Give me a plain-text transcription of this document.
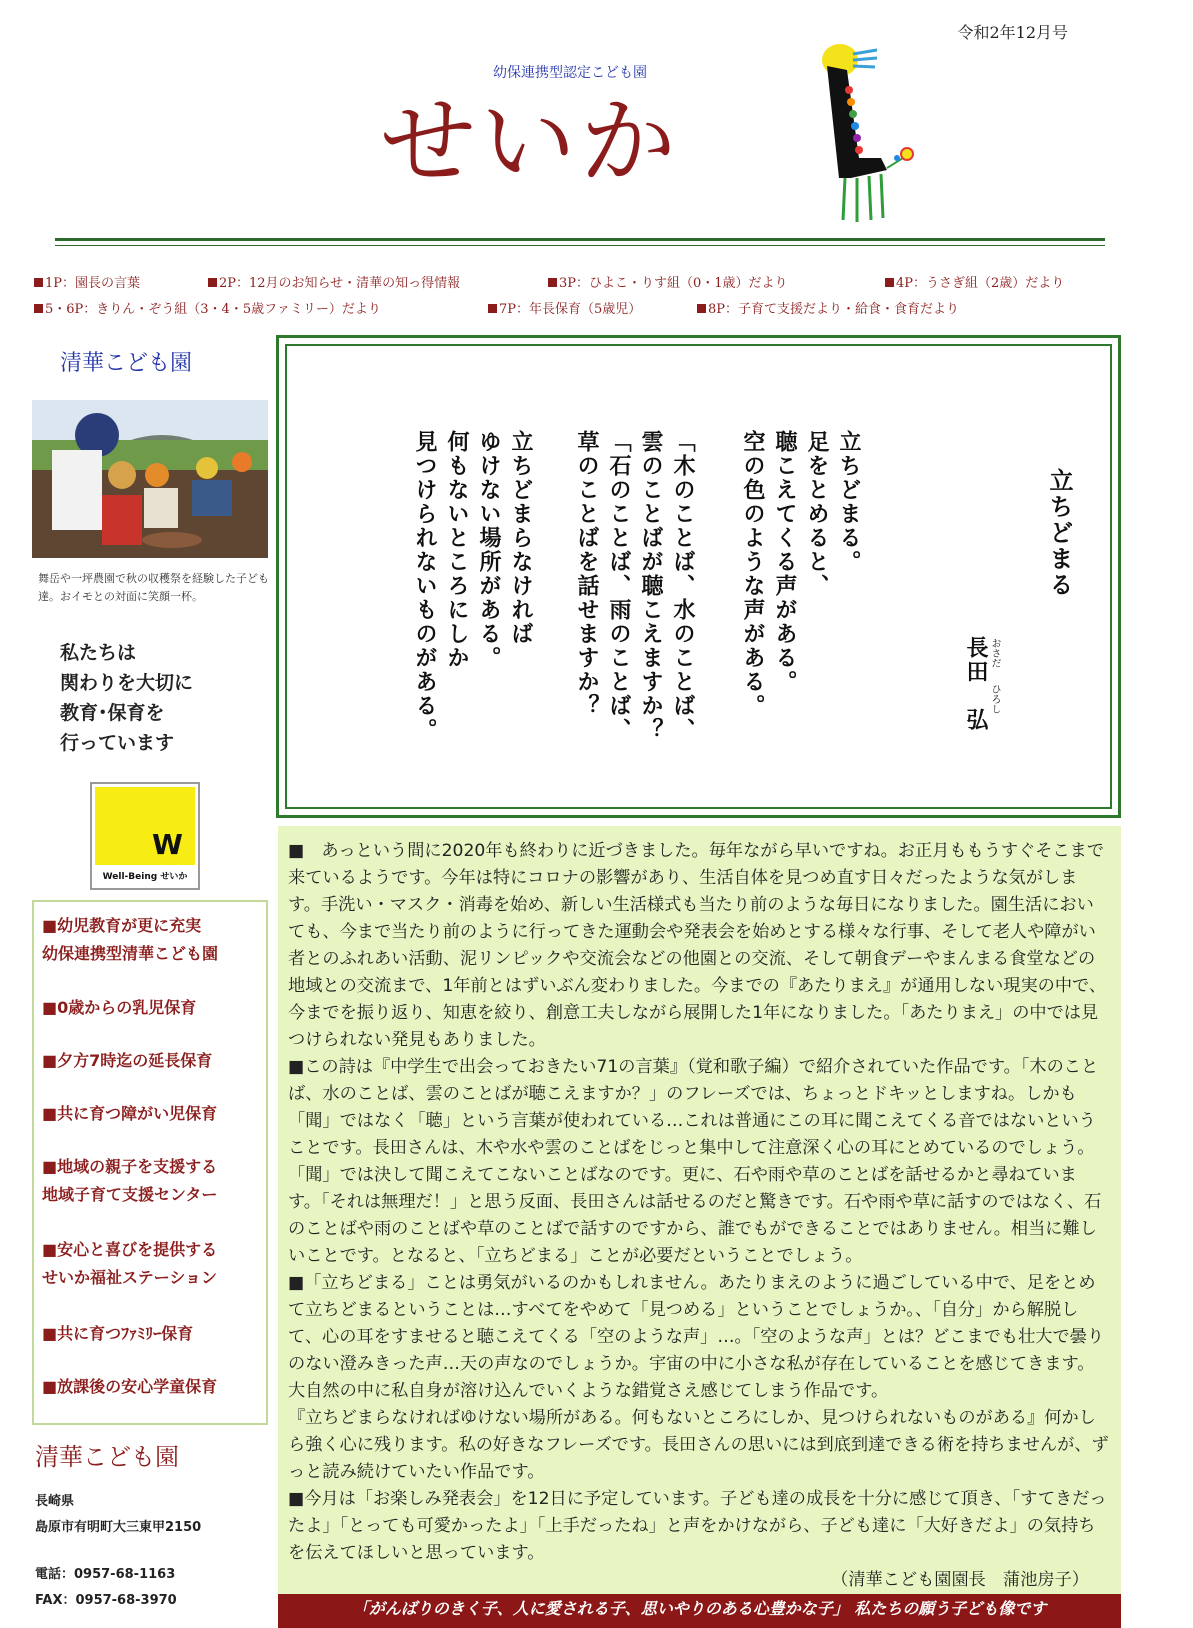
令和2年12月号
幼保連携型認定こども園
せいか
1P：園長の言葉	2P：12月のお知らせ・清華の知っ得情報	3P：ひよこ・りす組（0・1歳）だより	4P：うさぎ組（2歳）だより
5・6P：きりん・ぞう組（3・4・5歳ファミリー）だより	7P：年長保育（5歳児）	8P：子育て支援だより・給食・食育だより
清華こども園
舞岳や一坪農園で秋の収穫祭を経験した子ども達。おイモとの対面に笑顔一杯。
私たちは
関わりを大切に
教育･保育を
行っています
W
Well-Being せいか
■幼児教育が更に充実
幼保連携型清華こども園
■0歳からの乳児保育
■夕方7時迄の延長保育
■共に育つ障がい児保育
■地域の親子を支援する
地域子育て支援センター
■安心と喜びを提供する
せいか福祉ステーション
■共に育つﾌｧﾐﾘｰ保育
■放課後の安心学童保育
清華こども園
長崎県
島原市有明町大三東甲2150
電話：0957-68-1163
FAX：0957-68-3970
立ちどまる
長田　弘 おさだ
ひろし
立ちどまる。
足をとめると、
聴こえてくる声がある。
空の色のような声がある。
「木のことば、水のことば、
雲のことばが聴こえますか？
「石のことば、雨のことば、
草のことばを話せますか？
立ちどまらなければ
ゆけない場所がある。
何もないところにしか
見つけられないものがある。

■　あっという間に2020年も終わりに近づきました。毎年ながら早いですね。お正月ももうすぐそこまで来ているようです。今年は特にコロナの影響があり、生活自体を見つめ直す日々だったような気がします。手洗い・マスク・消毒を始め、新しい生活様式も当たり前のような毎日になりました。園生活においても、今まで当たり前のように行ってきた運動会や発表会を始めとする様々な行事、そして老人や障がい者とのふれあい活動、泥リンピックや交流会などの他園との交流、そして朝食デーやまんまる食堂などの地域との交流まで、1年前とはずいぶん変わりました。今までの『あたりまえ』が通用しない現実の中で、今までを振り返り、知恵を絞り、創意工夫しながら展開した1年になりました。「あたりまえ」の中では見つけられない発見もありました。

■この詩は『中学生で出会っておきたい71の言葉』（覚和歌子編）で紹介されていた作品です。「木のことば、水のことば、雲のことばが聴こえますか？」のフレーズでは、ちょっとドキッとしますね。しかも「聞」ではなく「聴」という言葉が使われている…これは普通にこの耳に聞こえてくる音ではないということです。長田さんは、木や水や雲のことばをじっと集中して注意深く心の耳にとめているのでしょう。「聞」では決して聞こえてこないことばなのです。更に、石や雨や草のことばを話せるかと尋ねています。「それは無理だ！」と思う反面、長田さんは話せるのだと驚きです。石や雨や草に話すのではなく、石のことばや雨のことばや草のことばで話すのですから、誰でもができることではありません。相当に難しいことです。となると、「立ちどまる」ことが必要だということでしょう。

■「立ちどまる」ことは勇気がいるのかもしれません。あたりまえのように過ごしている中で、足をとめて立ちどまるということは…すべてをやめて「見つめる」ということでしょうか。、「自分」から解脱して、心の耳をすませると聴こえてくる「空のような声」…。「空のような声」とは？どこまでも壮大で曇りのない澄みきった声…天の声なのでしょうか。宇宙の中に小さな私が存在していることを感じてきます。大自然の中に私自身が溶け込んでいくような錯覚さえ感じてしまう作品です。

『立ちどまらなければゆけない場所がある。何もないところにしか、見つけられないものがある』何かしら強く心に残ります。私の好きなフレーズです。長田さんの思いには到底到達できる術を持ちませんが、ずっと読み続けていたい作品です。

■今月は「お楽しみ発表会」を12日に予定しています。子ども達の成長を十分に感じて頂き、「すてきだったよ」「とっても可愛かったよ」「上手だったね」と声をかけながら、子ども達に「大好きだよ」の気持ちを伝えてほしいと思っています。
（清華こども園園長　蒲池房子）

「がんばりのきく子、人に愛される子、思いやりのある心豊かな子」 私たちの願う子ども像です
